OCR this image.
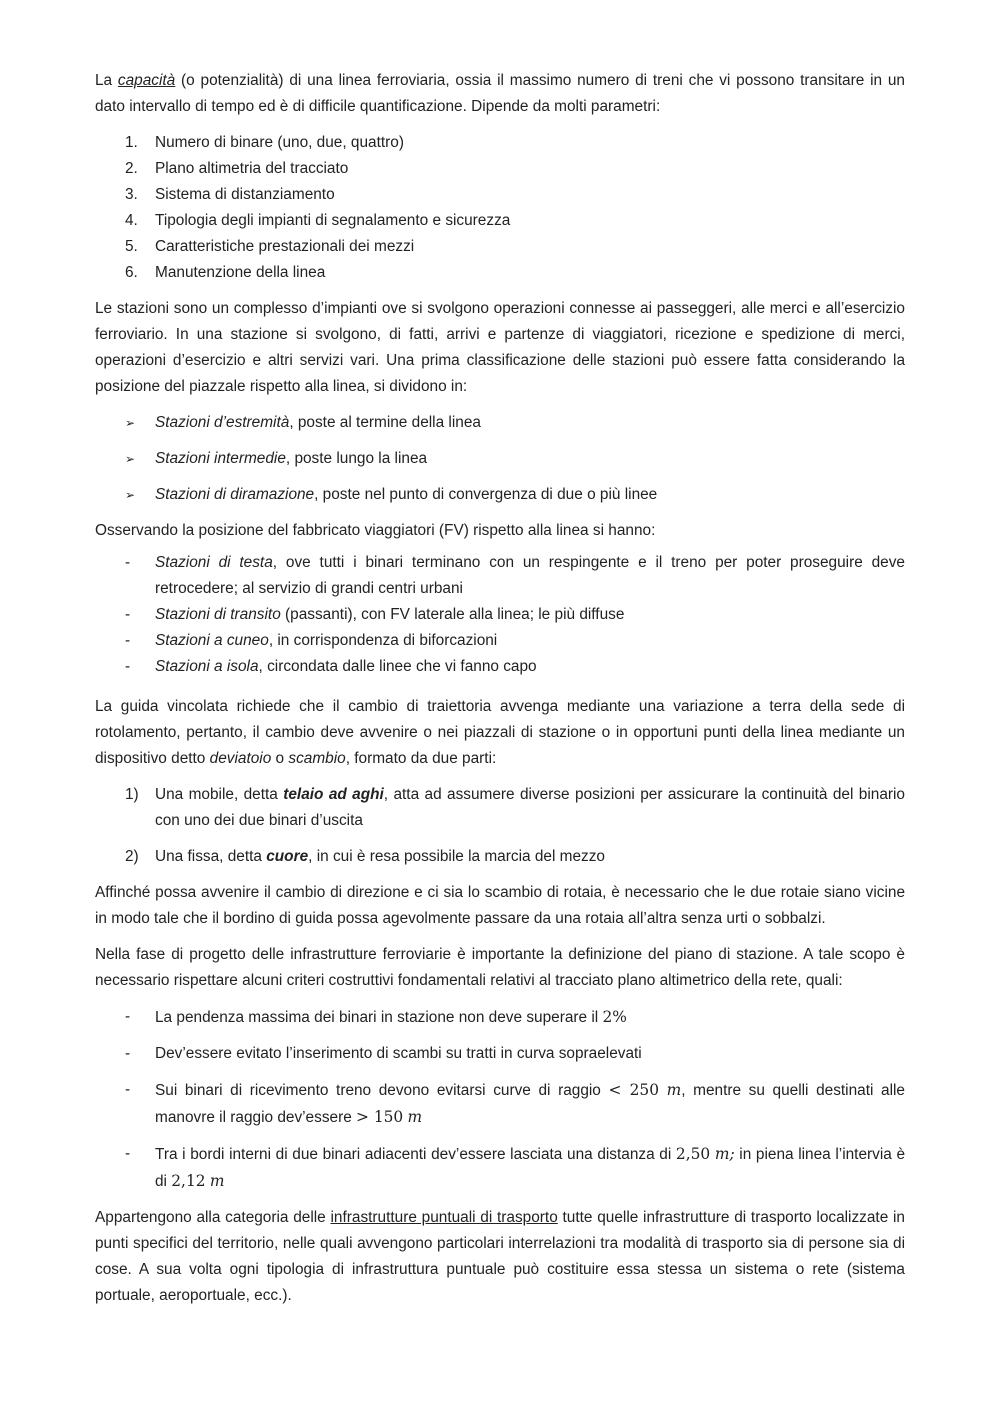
La capacità (o potenzialità) di una linea ferroviaria, ossia il massimo numero di treni che vi possono transitare in un dato intervallo di tempo ed è di difficile quantificazione. Dipende da molti parametri:

1. Numero di binare (uno, due, quattro)
2. Plano altimetria del tracciato
3. Sistema di distanziamento
4. Tipologia degli impianti di segnalamento e sicurezza
5. Caratteristiche prestazionali dei mezzi
6. Manutenzione della linea

Le stazioni sono un complesso d’impianti ove si svolgono operazioni connesse ai passeggeri, alle merci e all’esercizio ferroviario. In una stazione si svolgono, di fatti, arrivi e partenze di viaggiatori, ricezione e spedizione di merci, operazioni d’esercizio e altri servizi vari. Una prima classificazione delle stazioni può essere fatta considerando la posizione del piazzale rispetto alla linea, si dividono in:

➢ Stazioni d’estremità, poste al termine della linea
➢ Stazioni intermedie, poste lungo la linea
➢ Stazioni di diramazione, poste nel punto di convergenza di due o più linee

Osservando la posizione del fabbricato viaggiatori (FV) rispetto alla linea si hanno:

- Stazioni di testa, ove tutti i binari terminano con un respingente e il treno per poter proseguire deve retrocedere; al servizio di grandi centri urbani
- Stazioni di transito (passanti), con FV laterale alla linea; le più diffuse
- Stazioni a cuneo, in corrispondenza di biforcazioni
- Stazioni a isola, circondata dalle linee che vi fanno capo

La guida vincolata richiede che il cambio di traiettoria avvenga mediante una variazione a terra della sede di rotolamento, pertanto, il cambio deve avvenire o nei piazzali di stazione o in opportuni punti della linea mediante un dispositivo detto deviatoio o scambio, formato da due parti:

1) Una mobile, detta telaio ad aghi, atta ad assumere diverse posizioni per assicurare la continuità del binario con uno dei due binari d’uscita
2) Una fissa, detta cuore, in cui è resa possibile la marcia del mezzo

Affinché possa avvenire il cambio di direzione e ci sia lo scambio di rotaia, è necessario che le due rotaie siano vicine in modo tale che il bordino di guida possa agevolmente passare da una rotaia all’altra senza urti o sobbalzi.

Nella fase di progetto delle infrastrutture ferroviarie è importante la definizione del piano di stazione. A tale scopo è necessario rispettare alcuni criteri costruttivi fondamentali relativi al tracciato plano altimetrico della rete, quali:

- La pendenza massima dei binari in stazione non deve superare il 2%
- Dev’essere evitato l’inserimento di scambi su tratti in curva sopraelevati
- Sui binari di ricevimento treno devono evitarsi curve di raggio < 250 m, mentre su quelli destinati alle manovre il raggio dev’essere > 150 m
- Tra i bordi interni di due binari adiacenti dev’essere lasciata una distanza di 2,50 m; in piena linea l’intervia è di 2,12 m

Appartengono alla categoria delle infrastrutture puntuali di trasporto tutte quelle infrastrutture di trasporto localizzate in punti specifici del territorio, nelle quali avvengono particolari interrelazioni tra modalità di trasporto sia di persone sia di cose. A sua volta ogni tipologia di infrastruttura puntuale può costituire essa stessa un sistema o rete (sistema portuale, aeroportuale, ecc.).
